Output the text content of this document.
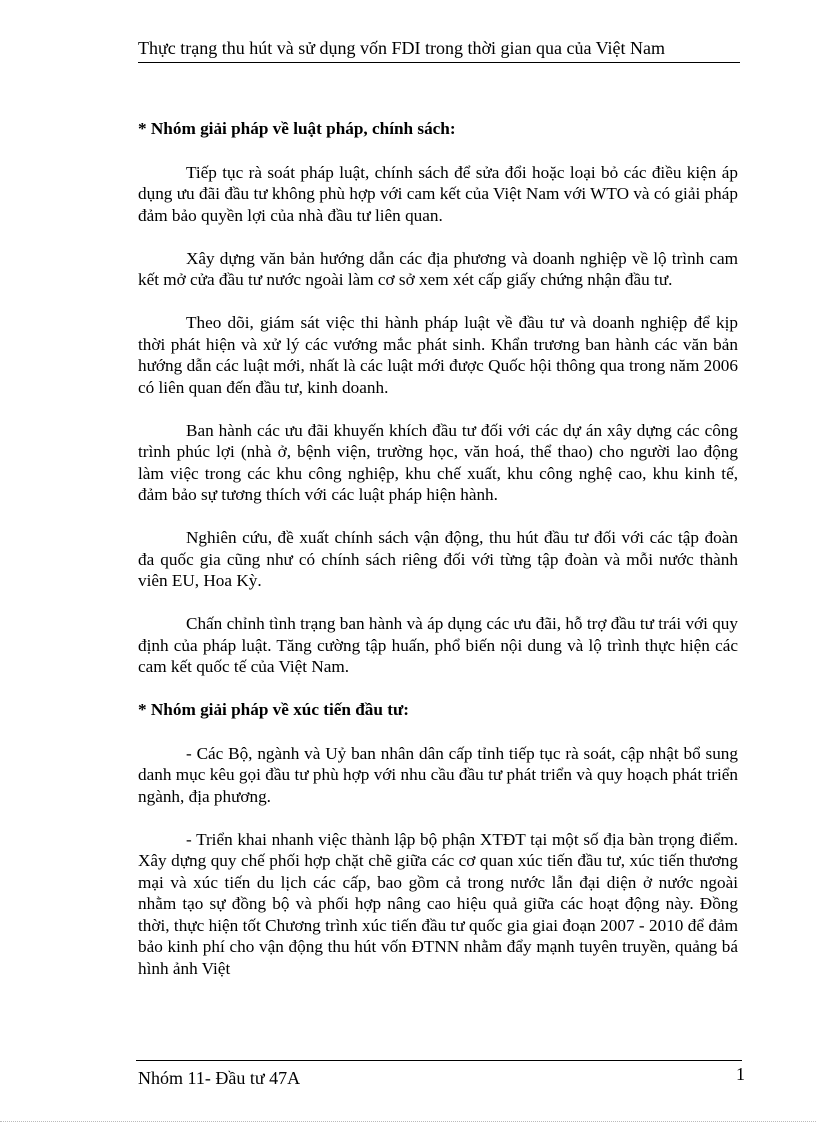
Thực trạng thu hút và sử dụng vốn FDI trong thời gian qua của Việt Nam

* Nhóm giải pháp về luật pháp, chính sách:

Tiếp tục rà soát pháp luật, chính sách để sửa đổi hoặc loại bỏ các điều kiện áp dụng ưu đãi đầu tư không phù hợp với cam kết của Việt Nam với WTO và có giải pháp đảm bảo quyền lợi của nhà đầu tư liên quan.

Xây dựng văn bản hướng dẫn các địa phương và doanh nghiệp về lộ trình cam kết mở cửa đầu tư nước ngoài làm cơ sở xem xét cấp giấy chứng nhận đầu tư.

Theo dõi, giám sát việc thi hành pháp luật về đầu tư và doanh nghiệp để kịp thời phát hiện và xử lý các vướng mắc phát sinh. Khẩn trương ban hành các văn bản hướng dẫn các luật mới, nhất là các luật mới được Quốc hội thông qua trong năm 2006 có liên quan đến đầu tư, kinh doanh.

Ban hành các ưu đãi khuyến khích đầu tư đối với các dự án xây dựng các công trình phúc lợi (nhà ở, bệnh viện, trường học, văn hoá, thể thao) cho người lao động làm việc trong các khu công nghiệp, khu chế xuất, khu công nghệ cao, khu kinh tế, đảm bảo sự tương thích với các luật pháp hiện hành.

Nghiên cứu, đề xuất chính sách vận động, thu hút đầu tư đối với các tập đoàn đa quốc gia cũng như có chính sách riêng đối với từng tập đoàn và mỗi nước thành viên EU, Hoa Kỳ.

Chấn chỉnh tình trạng ban hành và áp dụng các ưu đãi, hỗ trợ đầu tư trái với quy định của pháp luật. Tăng cường tập huấn, phổ biến nội dung và lộ trình thực hiện các cam kết quốc tế của Việt Nam.

* Nhóm giải pháp về xúc tiến đầu tư:

- Các Bộ, ngành và Uỷ ban nhân dân cấp tỉnh tiếp tục rà soát, cập nhật bổ sung danh mục kêu gọi đầu tư phù hợp với nhu cầu đầu tư phát triển và quy hoạch phát triển ngành, địa phương.

- Triển khai nhanh việc thành lập bộ phận XTĐT tại một số địa bàn trọng điểm. Xây dựng quy chế phối hợp chặt chẽ giữa các cơ quan xúc tiến đầu tư, xúc tiến thương mại và xúc tiến du lịch các cấp, bao gồm cả trong nước lẫn đại diện ở nước ngoài nhằm tạo sự đồng bộ và phối hợp nâng cao hiệu quả giữa các hoạt động này. Đồng thời, thực hiện tốt Chương trình xúc tiến đầu tư quốc gia giai đoạn 2007 - 2010 để đảm bảo kinh phí cho vận động thu hút vốn ĐTNN nhằm đẩy mạnh tuyên truyền, quảng bá hình ảnh Việt

Nhóm 11- Đầu tư 47A	1
